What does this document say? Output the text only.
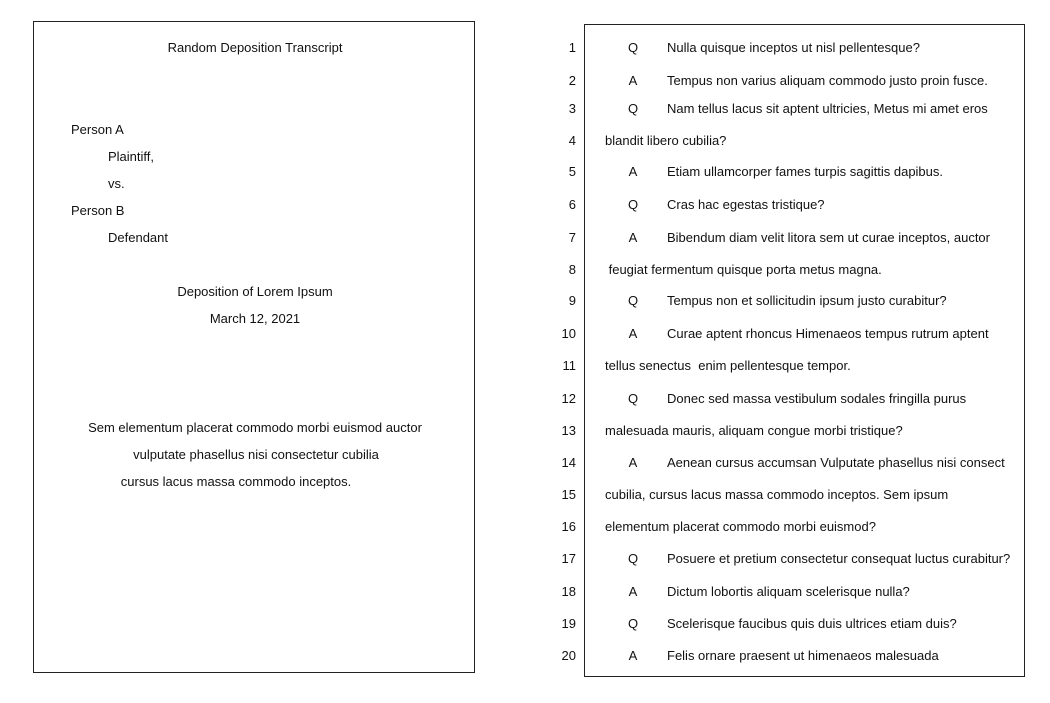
Random Deposition Transcript
Person A
Plaintiff,
vs.
Person B
Defendant
Deposition of Lorem Ipsum
March 12, 2021
Sem elementum placerat commodo morbi euismod auctor
vulputate phasellus nisi consectetur cubilia
cursus lacus massa commodo inceptos.
1	Q Nulla quisque inceptos ut nisl pellentesque?
2	A Tempus non varius aliquam commodo justo proin fusce.
3	Q Nam tellus lacus sit aptent ultricies, Metus mi amet eros
4 blandit libero cubilia?
5	A Etiam ullamcorper fames turpis sagittis dapibus.
6	Q Cras hac egestas tristique?
7	A Bibendum diam velit litora sem ut curae inceptos, auctor
8 feugiat fermentum quisque porta metus magna.
9	Q Tempus non et sollicitudin ipsum justo curabitur?
10	A Curae aptent rhoncus Himenaeos tempus rutrum aptent
11 tellus senectus  enim pellentesque tempor.
12	Q Donec sed massa vestibulum sodales fringilla purus
13 malesuada mauris, aliquam congue morbi tristique?
14	A Aenean cursus accumsan Vulputate phasellus nisi consect
15 cubilia, cursus lacus massa commodo inceptos. Sem ipsum
16 elementum placerat commodo morbi euismod?
17	Q Posuere et pretium consectetur consequat luctus curabitur?
18	A Dictum lobortis aliquam scelerisque nulla?
19	Q Scelerisque faucibus quis duis ultrices etiam duis?
20	A Felis ornare praesent ut himenaeos malesuada
